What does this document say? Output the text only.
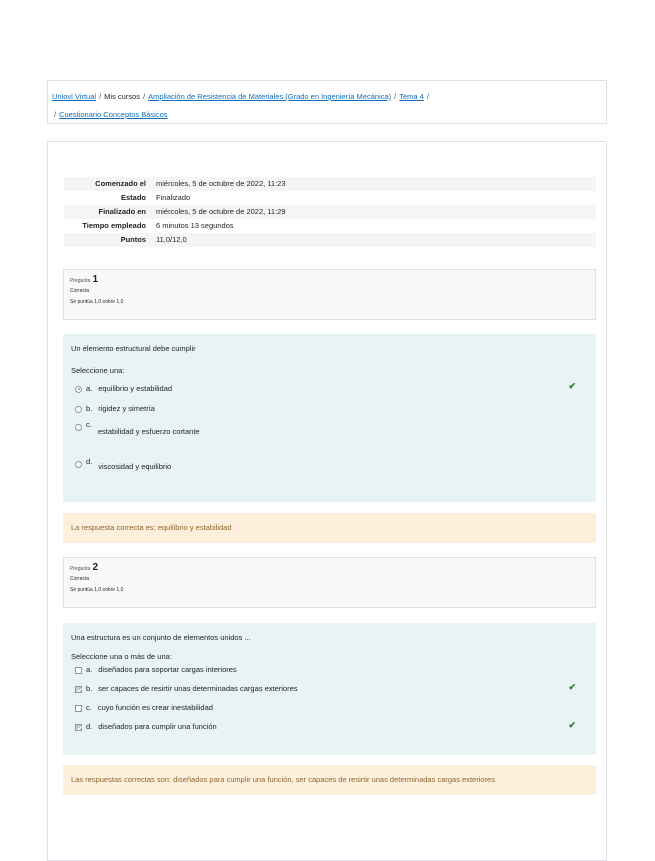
Uniovi Virtual / Mis cursos / Ampliación de Resistencia de Materiales (Grado en Ingeniería Mecánica) / Tema 4 /
/ Cuestionario Conceptos Básicos
Comenzado el	miércoles, 5 de octubre de 2022, 11:23
Estado	Finalizado
Finalizado en	miércoles, 5 de octubre de 2022, 11:29
Tiempo empleado	6 minutos 13 segundos
Puntos	11,0/12,0
Pregunta 1
Correcta
Se puntúa 1,0 sobre 1,0
Un elemento estructural debe cumplir
Seleccione una:
a. equilibrio y estabilidad
b. rigidez y simetría
c.estabilidad y esfuerzo cortante
d.viscosidad y equilibrio
✔
La respuesta correcta es: equilibrio y estabilidad
Pregunta 2
Correcta
Se puntúa 1,0 sobre 1,0
Una estructura es un conjunto de elementos unidos ...
Seleccione una o más de una:
a. diseñados para soportar cargas interiores
b. ser capaces de resirtir unas determinadas cargas exteriores
c. cuyo función es crear inestabilidad
d. diseñados para cumplir una función
✔
✔
Las respuestas correctas son: diseñados para cumplir una función, ser capaces de resirtir unas determinadas cargas exteriores
